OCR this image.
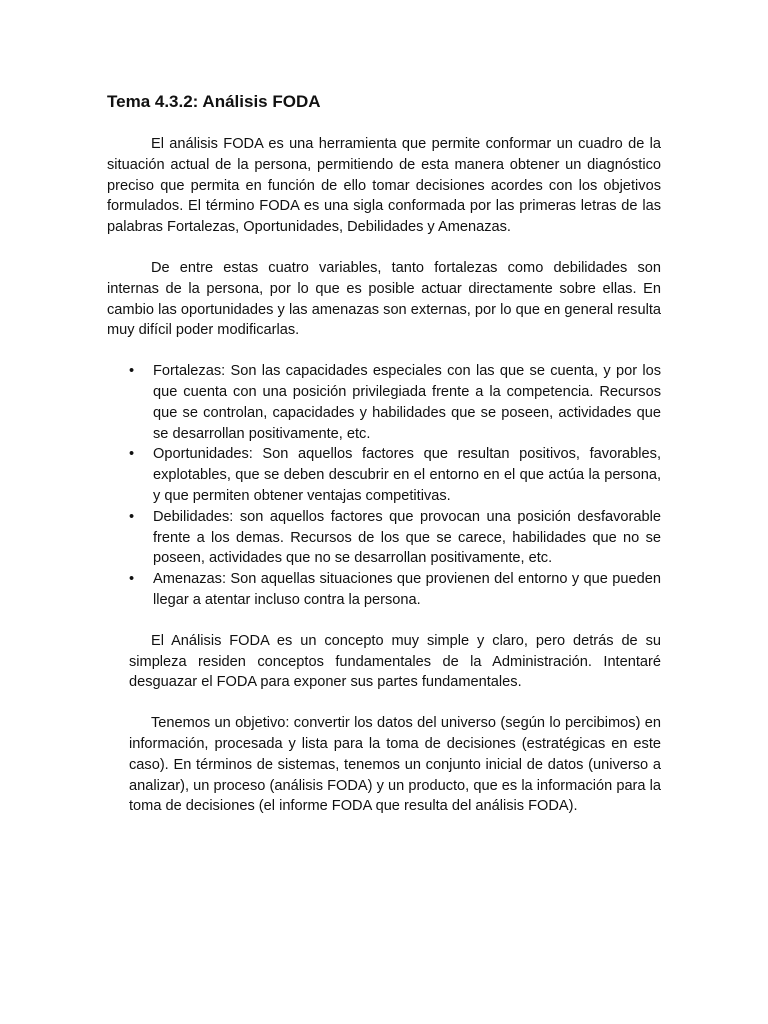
Tema 4.3.2: Análisis FODA

El análisis FODA es una herramienta que permite conformar un cuadro de la situación actual de la persona, permitiendo de esta manera obtener un diagnóstico preciso que permita en función de ello tomar decisiones acordes con los objetivos formulados. El término FODA es una sigla conformada por las primeras letras de las palabras Fortalezas, Oportunidades, Debilidades y Amenazas.

De entre estas cuatro variables, tanto fortalezas como debilidades son internas de la persona, por lo que es posible actuar directamente sobre ellas. En cambio las oportunidades y las amenazas son externas, por lo que en general resulta muy difícil poder modificarlas.

• Fortalezas: Son las capacidades especiales con las que se cuenta, y por los que cuenta con una posición privilegiada frente a la competencia. Recursos que se controlan, capacidades y habilidades que se poseen, actividades que se desarrollan positivamente, etc.
• Oportunidades: Son aquellos factores que resultan positivos, favorables, explotables, que se deben descubrir en el entorno en el que actúa la persona, y que permiten obtener ventajas competitivas.
• Debilidades: son aquellos factores que provocan una posición desfavorable frente a los demas. Recursos de los que se carece, habilidades que no se poseen, actividades que no se desarrollan positivamente, etc.
• Amenazas: Son aquellas situaciones que provienen del entorno y que pueden llegar a atentar incluso contra la persona.

El Análisis FODA es un concepto muy simple y claro, pero detrás de su simpleza residen conceptos fundamentales de la Administración. Intentaré desguazar el FODA para exponer sus partes fundamentales.

Tenemos un objetivo: convertir los datos del universo (según lo percibimos) en información, procesada y lista para la toma de decisiones (estratégicas en este caso). En términos de sistemas, tenemos un conjunto inicial de datos (universo a analizar), un proceso (análisis FODA) y un producto, que es la información para la toma de decisiones (el informe FODA que resulta del análisis FODA).
